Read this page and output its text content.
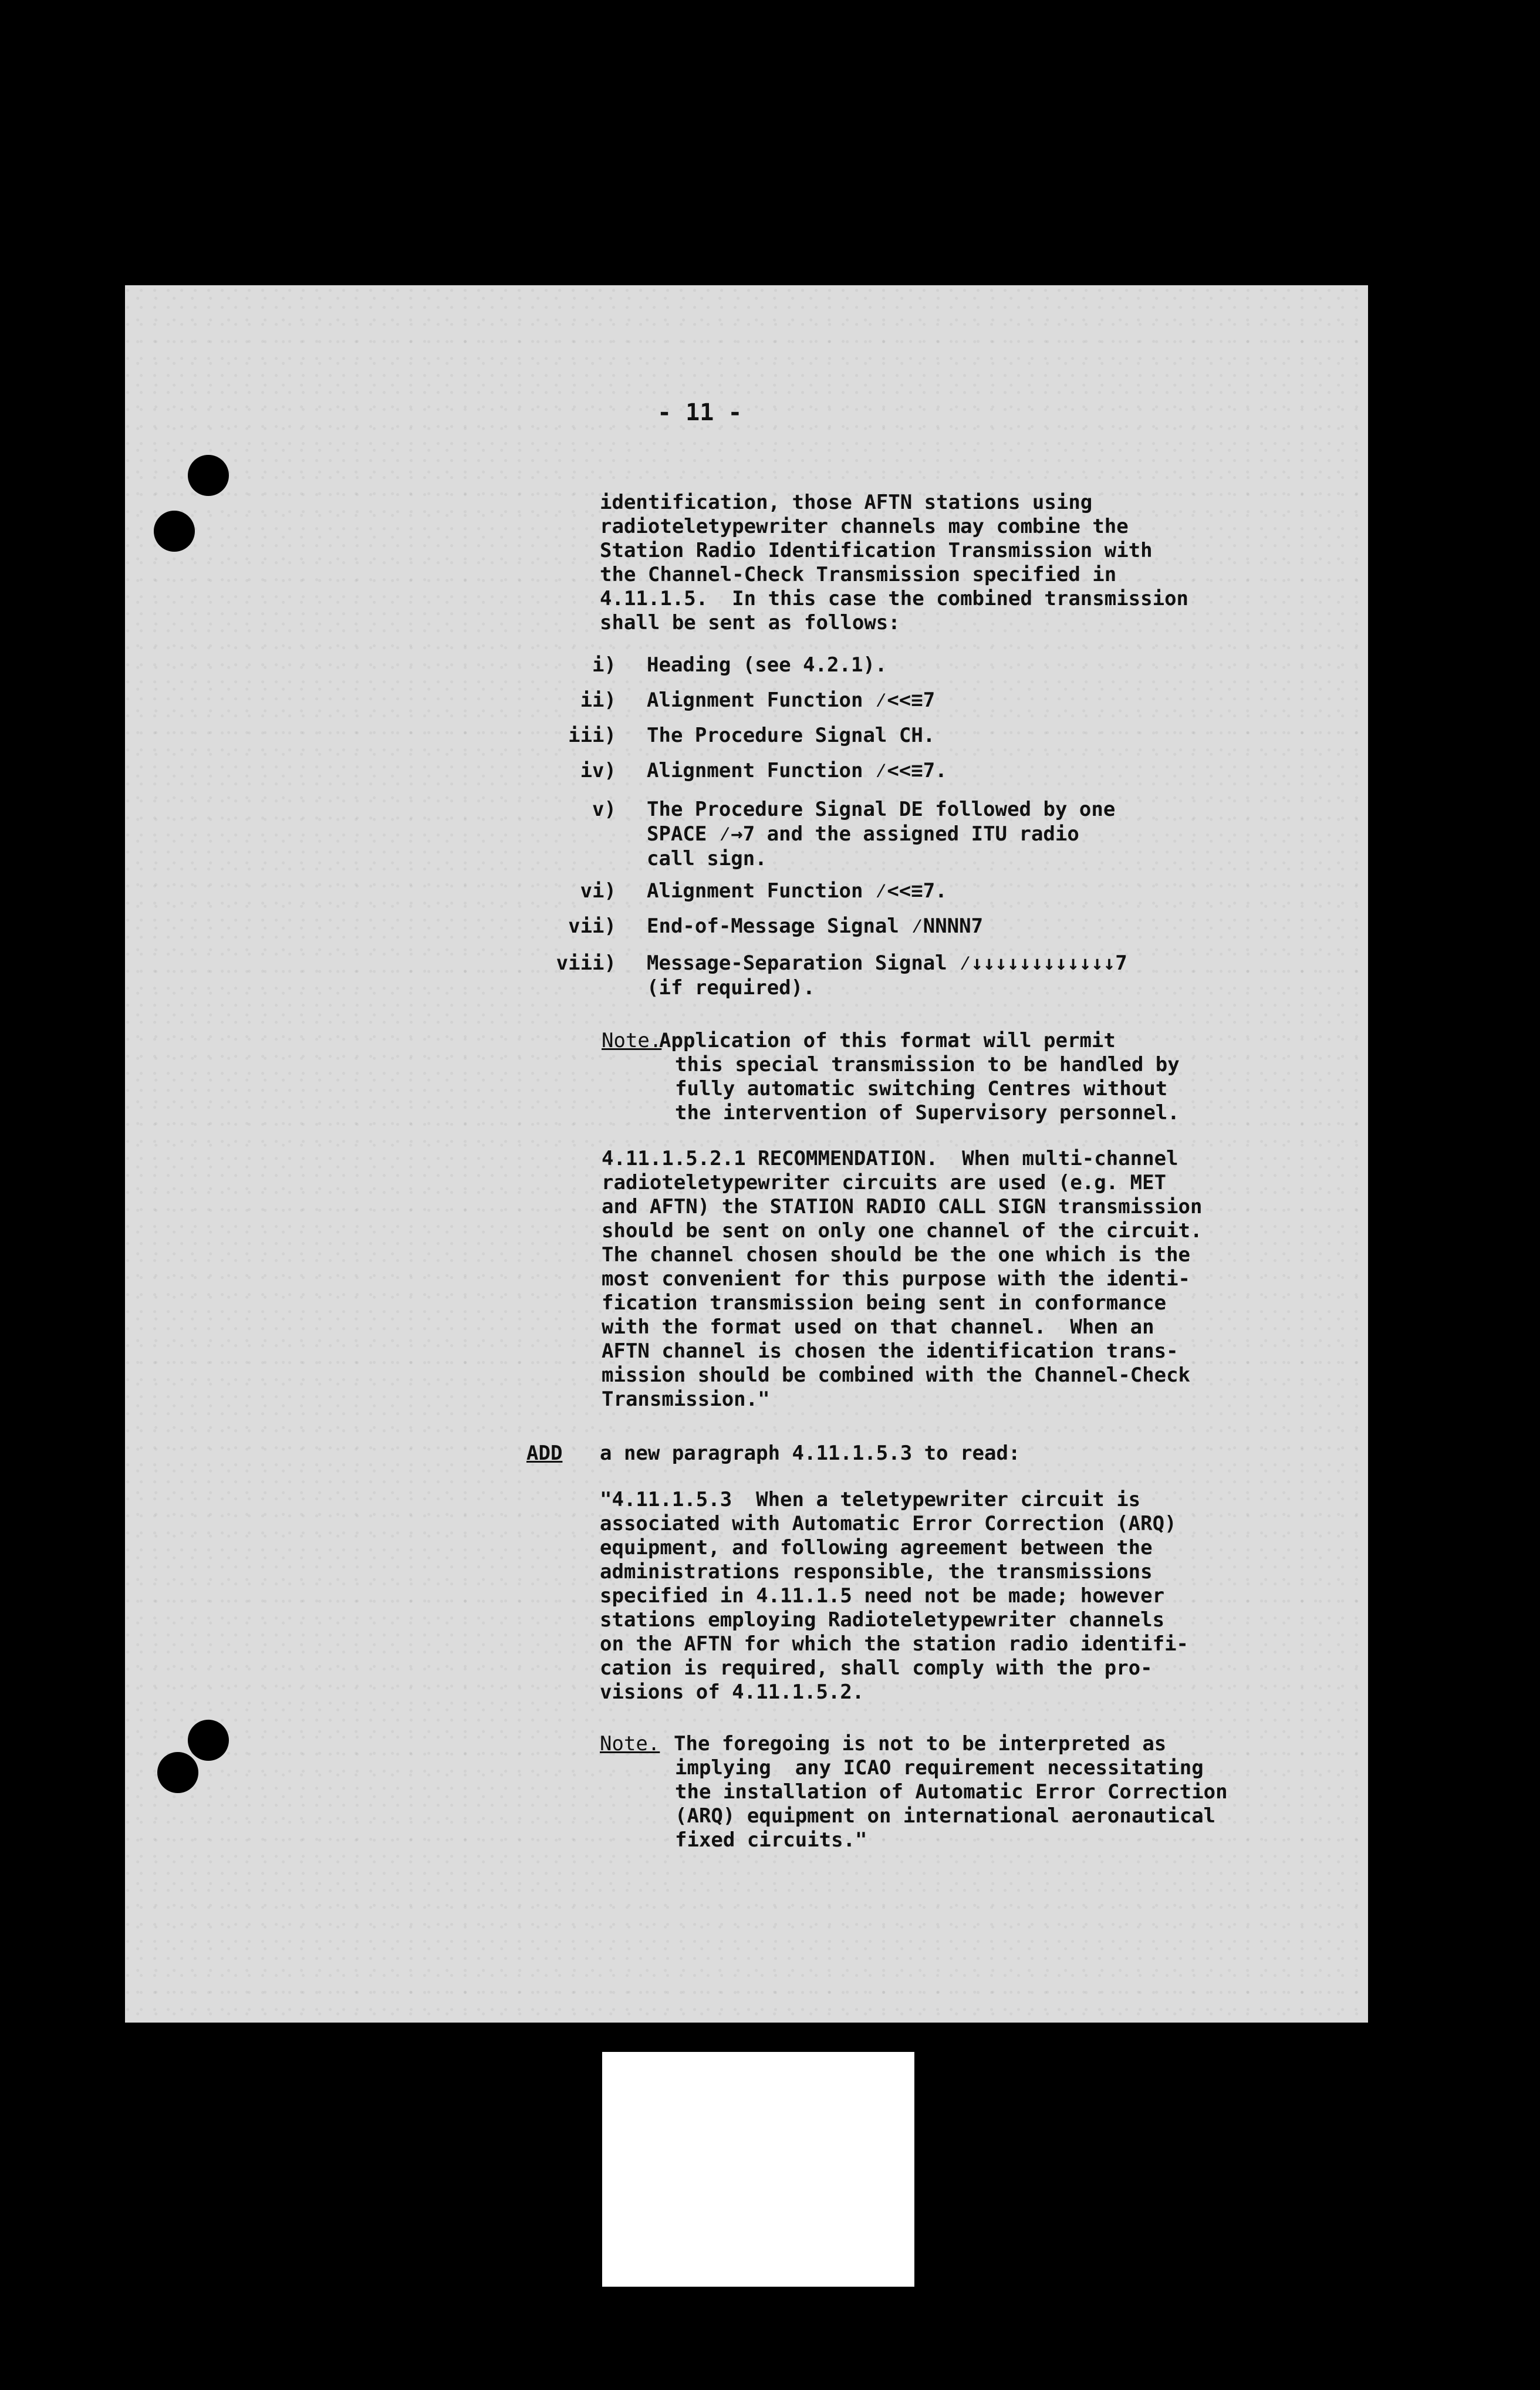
- 11 -
identification, those AFTN stations using
radioteletypewriter channels may combine the
Station Radio Identification Transmission with
the Channel-Check Transmission specified in
4.11.1.5.  In this case the combined transmission
shall be sent as follows:
i) Heading (see 4.2.1).
ii) Alignment Function ⁄<<≡7
iii) The Procedure Signal CH.
iv) Alignment Function ⁄<<≡7.
v) The Procedure Signal DE followed by one
SPACE ⁄→7 and the assigned ITU radio
call sign.
vi) Alignment Function ⁄<<≡7.
vii) End-of-Message Signal ⁄NNNN7
viii) Message-Separation Signal ⁄↓↓↓↓↓↓↓↓↓↓↓↓7
(if required).
Note.
Application of this format will permit
this special transmission to be handled by
fully automatic switching Centres without
the intervention of Supervisory personnel.
4.11.1.5.2.1 RECOMMENDATION.  When multi-channel
radioteletypewriter circuits are used (e.g. MET
and AFTN) the STATION RADIO CALL SIGN transmission
should be sent on only one channel of the circuit.
The channel chosen should be the one which is the
most convenient for this purpose with the identi-
fication transmission being sent in conformance
with the format used on that channel.  When an
AFTN channel is chosen the identification trans-
mission should be combined with the Channel-Check
Transmission."
ADD a new paragraph 4.11.1.5.3 to read:
"4.11.1.5.3  When a teletypewriter circuit is
associated with Automatic Error Correction (ARQ)
equipment, and following agreement between the
administrations responsible, the transmissions
specified in 4.11.1.5 need not be made; however
stations employing Radioteletypewriter channels
on the AFTN for which the station radio identifi-
cation is required, shall comply with the pro-
visions of 4.11.1.5.2.
Note. The foregoing is not to be interpreted as
implying  any ICAO requirement necessitating
the installation of Automatic Error Correction
(ARQ) equipment on international aeronautical
fixed circuits."
